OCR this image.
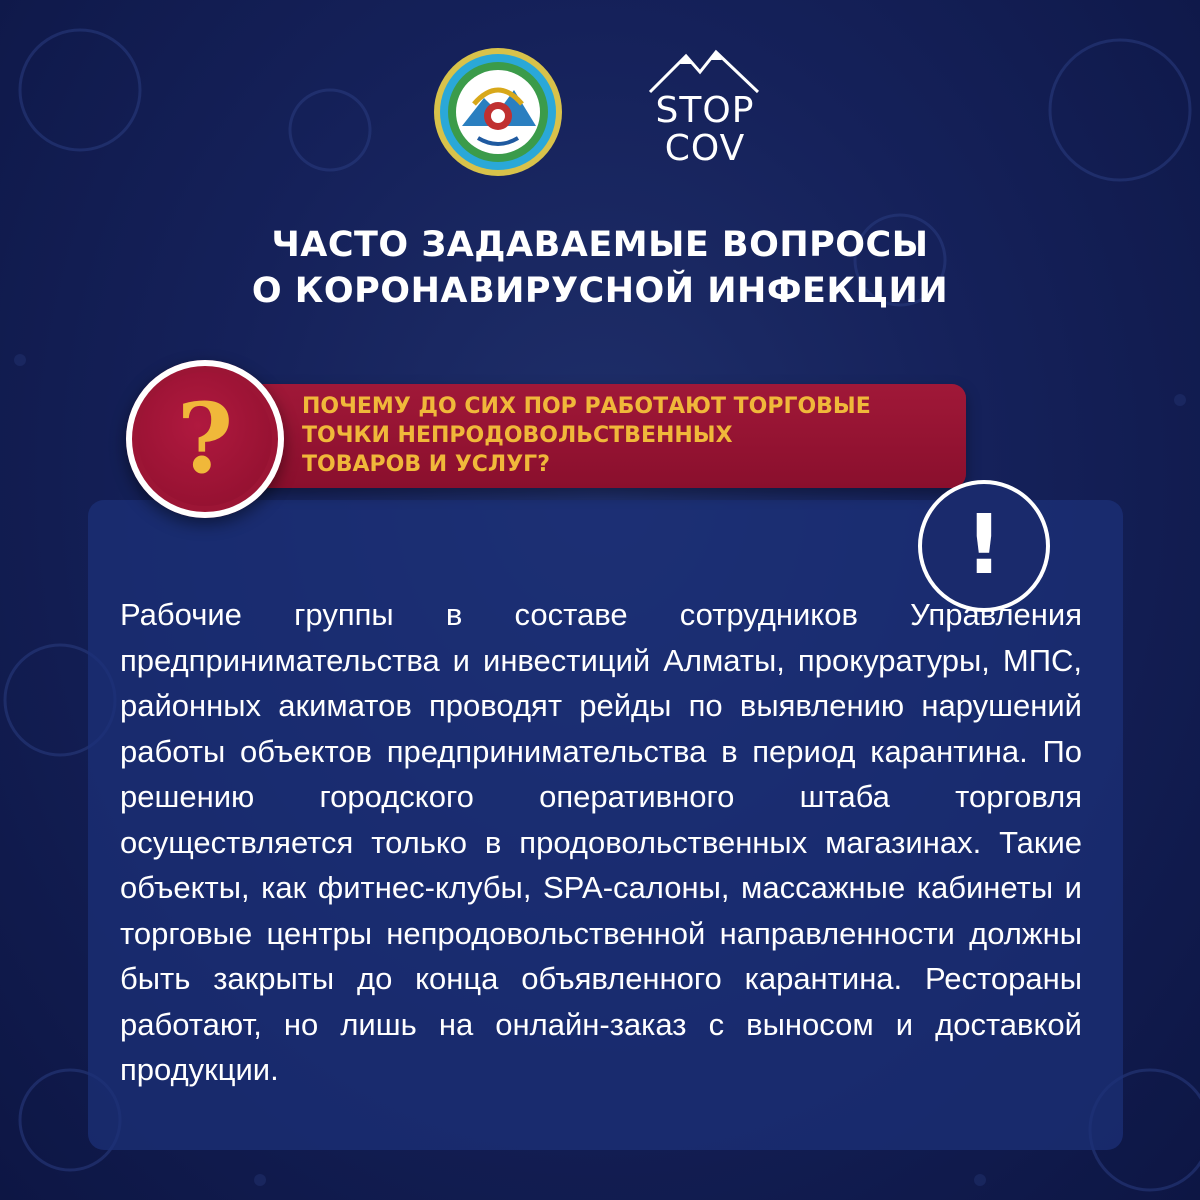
STOP
COV
ЧАСТО ЗАДАВАЕМЫЕ ВОПРОСЫ
О КОРОНАВИРУСНОЙ ИНФЕКЦИИ
ПОЧЕМУ ДО СИХ ПОР РАБОТАЮТ ТОРГОВЫЕ
ТОЧКИ НЕПРОДОВОЛЬСТВЕННЫХ
ТОВАРОВ И УСЛУГ?
?
!
Рабочие группы в составе сотрудников Управления предпринимательства и инвестиций Алматы, прокуратуры, МПС, районных акиматов проводят рейды по выявлению нарушений работы объектов предпринимательства в период карантина. По решению городского оперативного штаба торговля осуществляется только в продовольственных магазинах. Такие объекты, как фитнес-клубы, SPA-салоны, массажные кабинеты и торговые центры непродовольственной направленности должны быть закрыты до конца объявленного карантина. Рестораны работают, но лишь на онлайн-заказ с выносом и доставкой продукции.
